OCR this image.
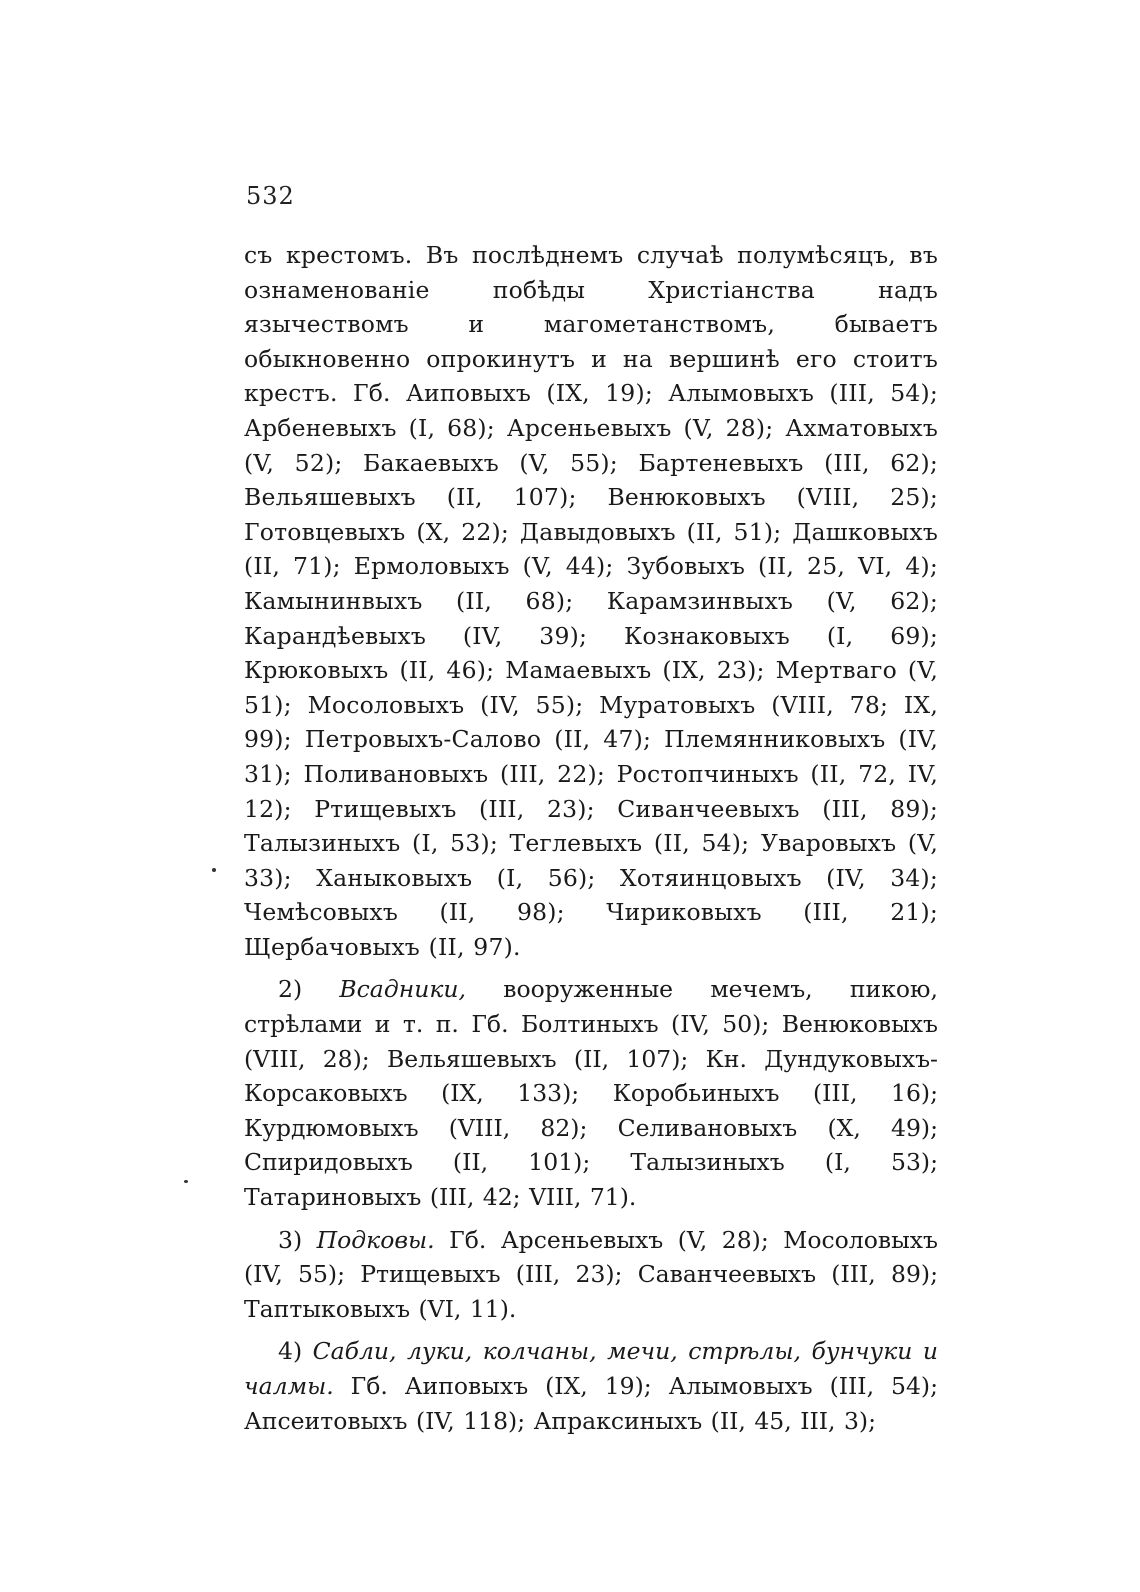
532

съ крестомъ. Въ послѣднемъ случаѣ полумѣсяцъ, въ ознаменованіе побѣды Христіанства надъ язычествомъ и магометанствомъ, бываетъ обыкновенно опрокинутъ и на вершинѣ его стоитъ крестъ. Гб. Аиповыхъ (IX, 19); Алымовыхъ (III, 54); Арбеневыхъ (I, 68); Арсеньевыхъ (V, 28); Ахматовыхъ (V, 52); Бакаевыхъ (V, 55); Бартеневыхъ (III, 62); Вельяшевыхъ (II, 107); Венюковыхъ (VIII, 25); Готовцевыхъ (X, 22); Давыдовыхъ (II, 51); Дашковыхъ (II, 71); Ермоловыхъ (V, 44); Зубовыхъ (II, 25, VI, 4); Камынинвыхъ (II, 68); Карамзинвыхъ (V, 62); Карандѣевыхъ (IV, 39); Кознаковыхъ (I, 69); Крюковыхъ (II, 46); Мамаевыхъ (IX, 23); Мертваго (V, 51); Мосоловыхъ (IV, 55); Муратовыхъ (VIII, 78; IX, 99); Петровыхъ-Салово (II, 47); Племянниковыхъ (IV, 31); Поливановыхъ (III, 22); Ростопчиныхъ (II, 72, IV, 12); Ртищевыхъ (III, 23); Сиванчеевыхъ (III, 89); Талызиныхъ (I, 53); Теглевыхъ (II, 54); Уваровыхъ (V, 33); Ханыковыхъ (I, 56); Хотяинцовыхъ (IV, 34); Чемѣсовыхъ (II, 98); Чириковыхъ (III, 21); Щербачовыхъ (II, 97).

2) Всадники, вооруженные мечемъ, пикою, стрѣлами и т. п. Гб. Болтиныхъ (IV, 50); Венюковыхъ (VIII, 28); Вельяшевыхъ (II, 107); Кн. Дундуковыхъ-Корсаковыхъ (IX, 133); Коробьиныхъ (III, 16); Курдюмовыхъ (VIII, 82); Селивановыхъ (X, 49); Спиридовыхъ (II, 101); Талызиныхъ (I, 53); Татариновыхъ (III, 42; VIII, 71).

3) Подковы. Гб. Арсеньевыхъ (V, 28); Мосоловыхъ (IV, 55); Ртищевыхъ (III, 23); Саванчеевыхъ (III, 89); Таптыковыхъ (VI, 11).

4) Сабли, луки, колчаны, мечи, стрѣлы, бунчуки и чалмы. Гб. Аиповыхъ (IX, 19); Алымовыхъ (III, 54); Апсеитовыхъ (IV, 118); Апраксиныхъ (II, 45, III, 3);
